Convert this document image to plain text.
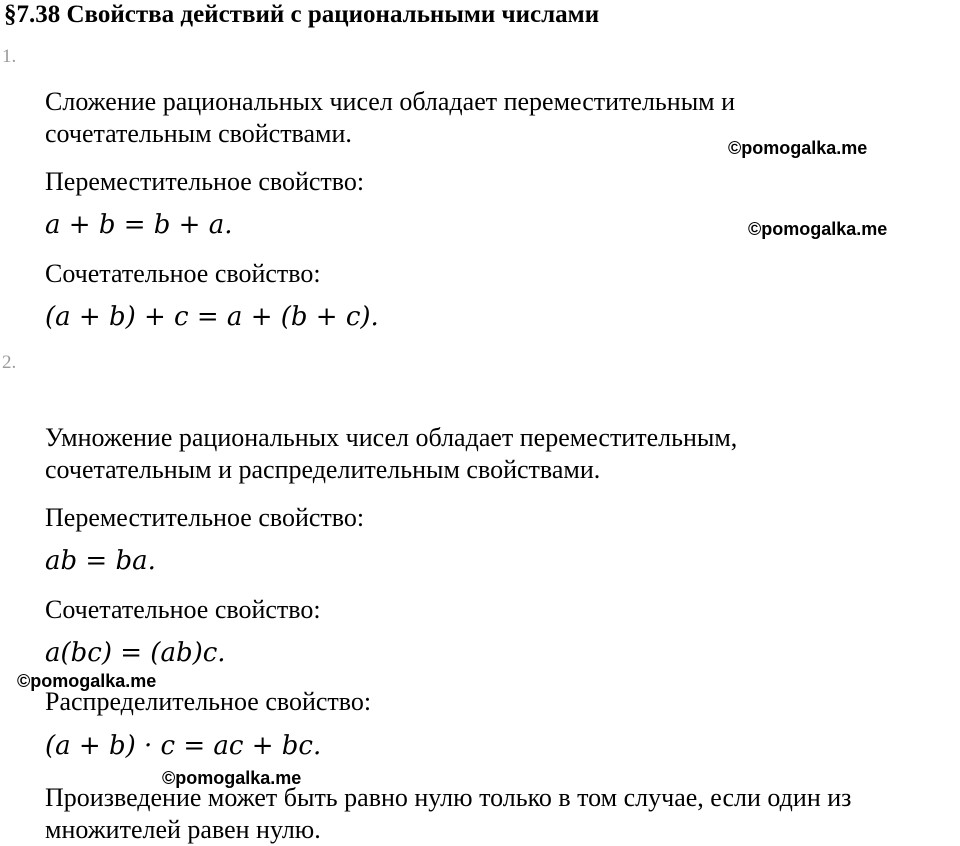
§7.38 Свойства действий с рациональными числами
1.
Сложение рациональных чисел обладает переместительным и
сочетательным свойствами.
Переместительное свойство:
a + b = b + a.
Сочетательное свойство:
(a + b) + c = a + (b + c).
2.
Умножение рациональных чисел обладает переместительным,
сочетательным и распределительным свойствами.
Переместительное свойство:
ab = ba.
Сочетательное свойство:
a(bc) = (ab)c.
Распределительное свойство:
(a + b) · c = ac + bc.
Произведение может быть равно нулю только в том случае, если один из
множителей равен нулю.
©pomogalka.me
©pomogalka.me
©pomogalka.me
©pomogalka.me
